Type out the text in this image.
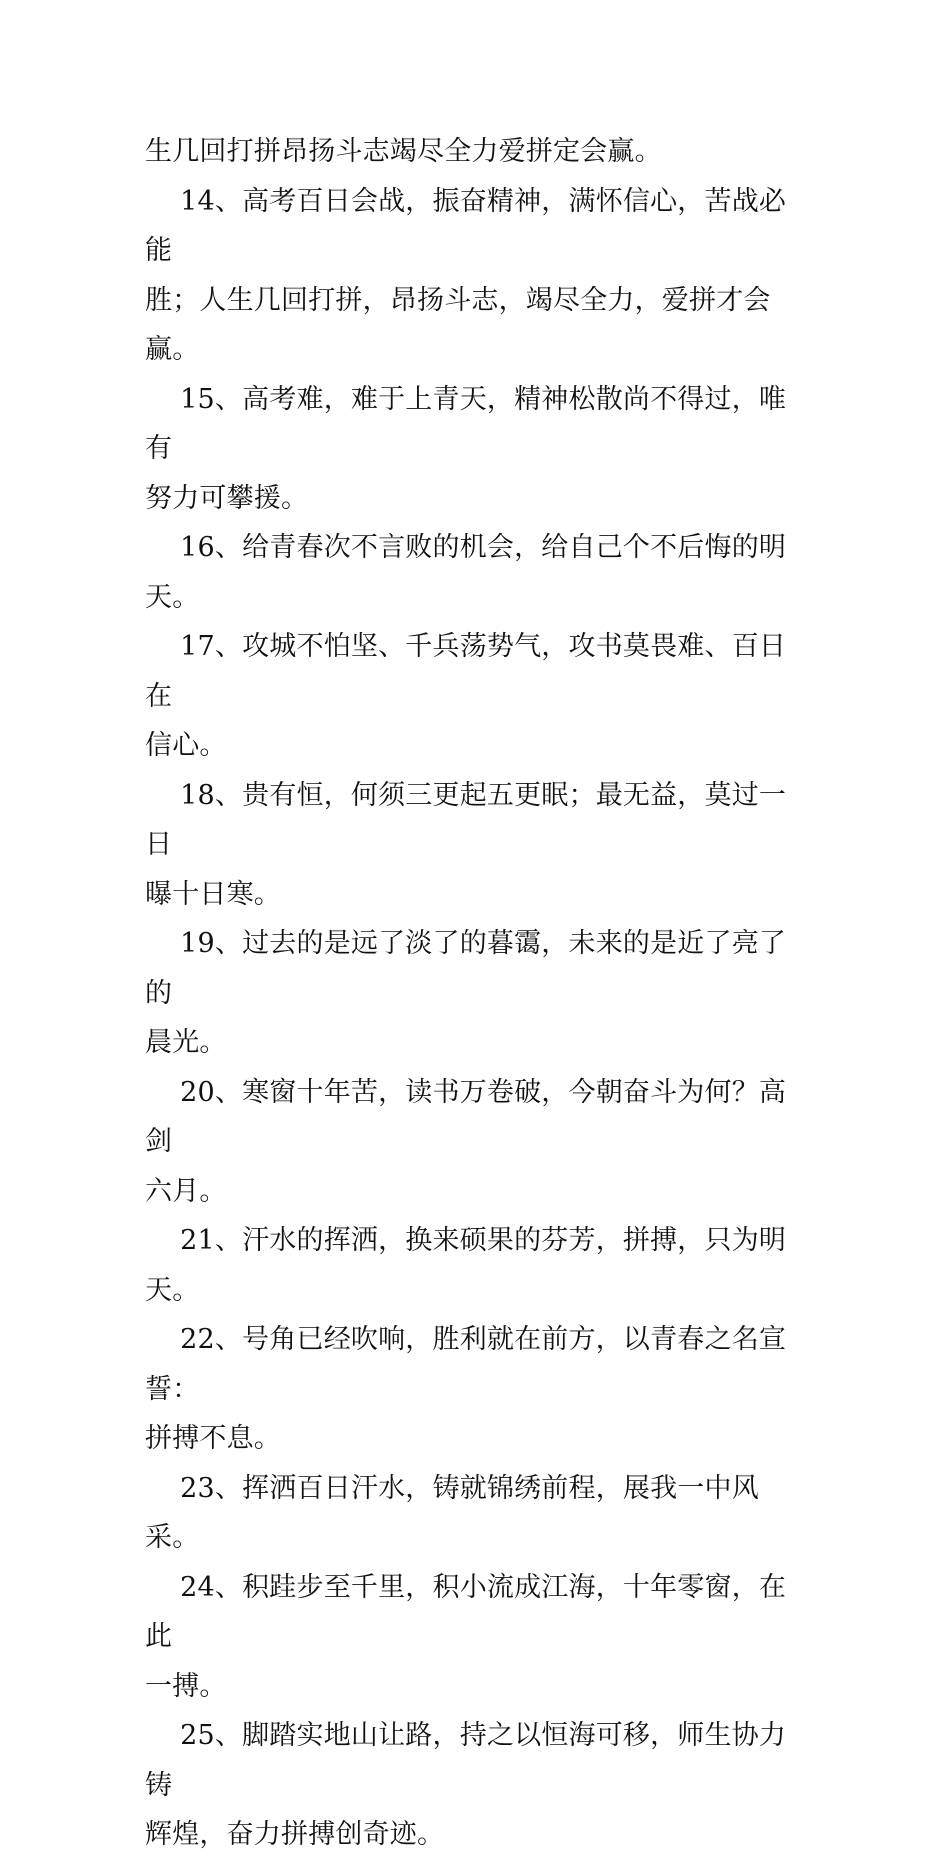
生几回打拼昂扬斗志竭尽全力爱拼定会赢。

14、高考百日会战，振奋精神，满怀信心，苦战必能

胜；人生几回打拼，昂扬斗志，竭尽全力，爱拼才会赢。

15、高考难，难于上青天，精神松散尚不得过，唯有

努力可攀援。

16、给青春次不言败的机会，给自己个不后悔的明天。

17、攻城不怕坚、千兵荡势气，攻书莫畏难、百日在

信心。

18、贵有恒，何须三更起五更眠；最无益，莫过一日

曝十日寒。

19、过去的是远了淡了的暮霭，未来的是近了亮了的

晨光。

20、寒窗十年苦，读书万卷破，今朝奋斗为何？高剑

六月。

21、汗水的挥洒，换来硕果的芬芳，拼搏，只为明天。

22、号角已经吹响，胜利就在前方，以青春之名宣誓：

拼搏不息。

23、挥洒百日汗水，铸就锦绣前程，展我一中风采。

24、积跬步至千里，积小流成江海，十年零窗，在此

一搏。

25、脚踏实地山让路，持之以恒海可移，师生协力铸

辉煌，奋力拼搏创奇迹。
